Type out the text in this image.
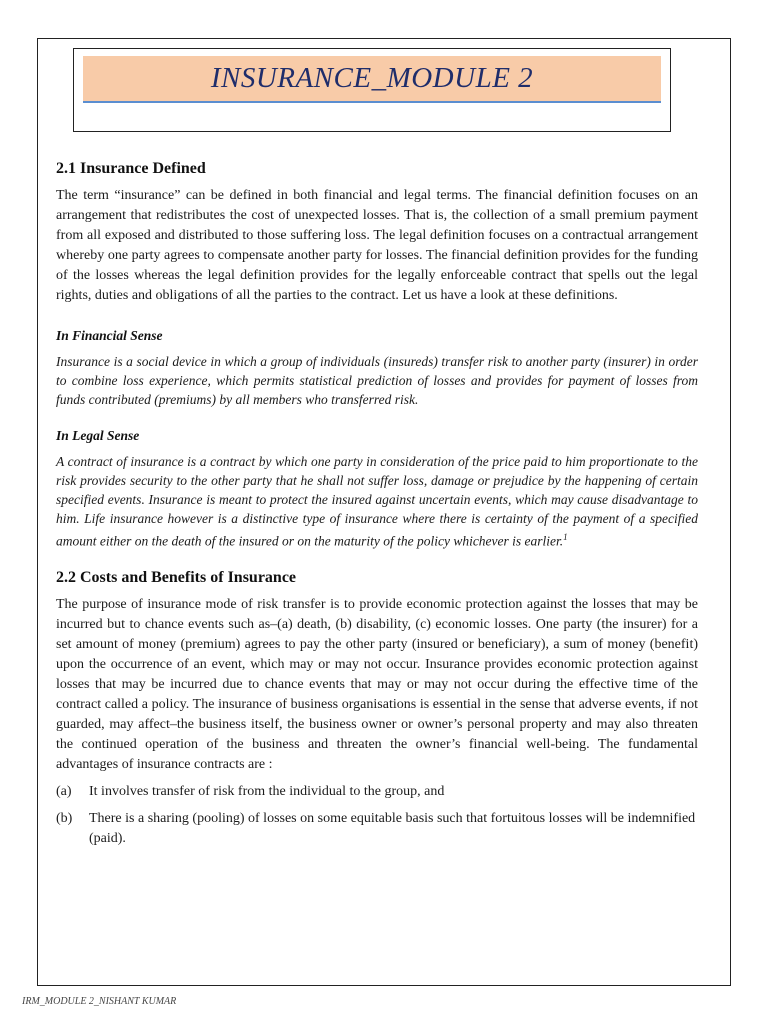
INSURANCE_MODULE 2
2.1 Insurance Defined

The term “insurance” can be defined in both financial and legal terms. The financial definition focuses on an arrangement that redistributes the cost of unexpected losses. That is, the collection of a small premium payment from all exposed and distributed to those suffering loss. The legal definition focuses on a contractual arrangement whereby one party agrees to compensate another party for losses. The financial definition provides for the funding of the losses whereas the legal definition provides for the legally enforceable contract that spells out the legal rights, duties and obligations of all the parties to the contract. Let us have a look at these definitions.

In Financial Sense

Insurance is a social device in which a group of individuals (insureds) transfer risk to another party (insurer) in order to combine loss experience, which permits statistical prediction of losses and provides for payment of losses from funds contributed (premiums) by all members who transferred risk.

In Legal Sense

A contract of insurance is a contract by which one party in consideration of the price paid to him proportionate to the risk provides security to the other party that he shall not suffer loss, damage or prejudice by the happening of certain specified events. Insurance is meant to protect the insured against uncertain events, which may cause disadvantage to him. Life insurance however is a distinctive type of insurance where there is certainty of the payment of a specified amount either on the death of the insured or on the maturity of the policy whichever is earlier.$^1$

2.2 Costs and Benefits of Insurance

The purpose of insurance mode of risk transfer is to provide economic protection against the losses that may be incurred but to chance events such as–(a) death, (b) disability, (c) economic losses. One party (the insurer) for a set amount of money (premium) agrees to pay the other party (insured or beneficiary), a sum of money (benefit) upon the occurrence of an event, which may or may not occur. Insurance provides economic protection against losses that may be incurred due to chance events that may or may not occur during the effective time of the contract called a policy. The insurance of business organisations is essential in the sense that adverse events, if not guarded, may affect–the business itself, the business owner or owner’s personal property and may also threaten the continued operation of the business and threaten the owner’s financial well-being. The fundamental advantages of insurance contracts are :

(a)	It involves transfer of risk from the individual to the group, and
(b)	There is a sharing (pooling) of losses on some equitable basis such that fortuitous losses will be indemnified (paid).
IRM_MODULE 2_NISHANT KUMAR
